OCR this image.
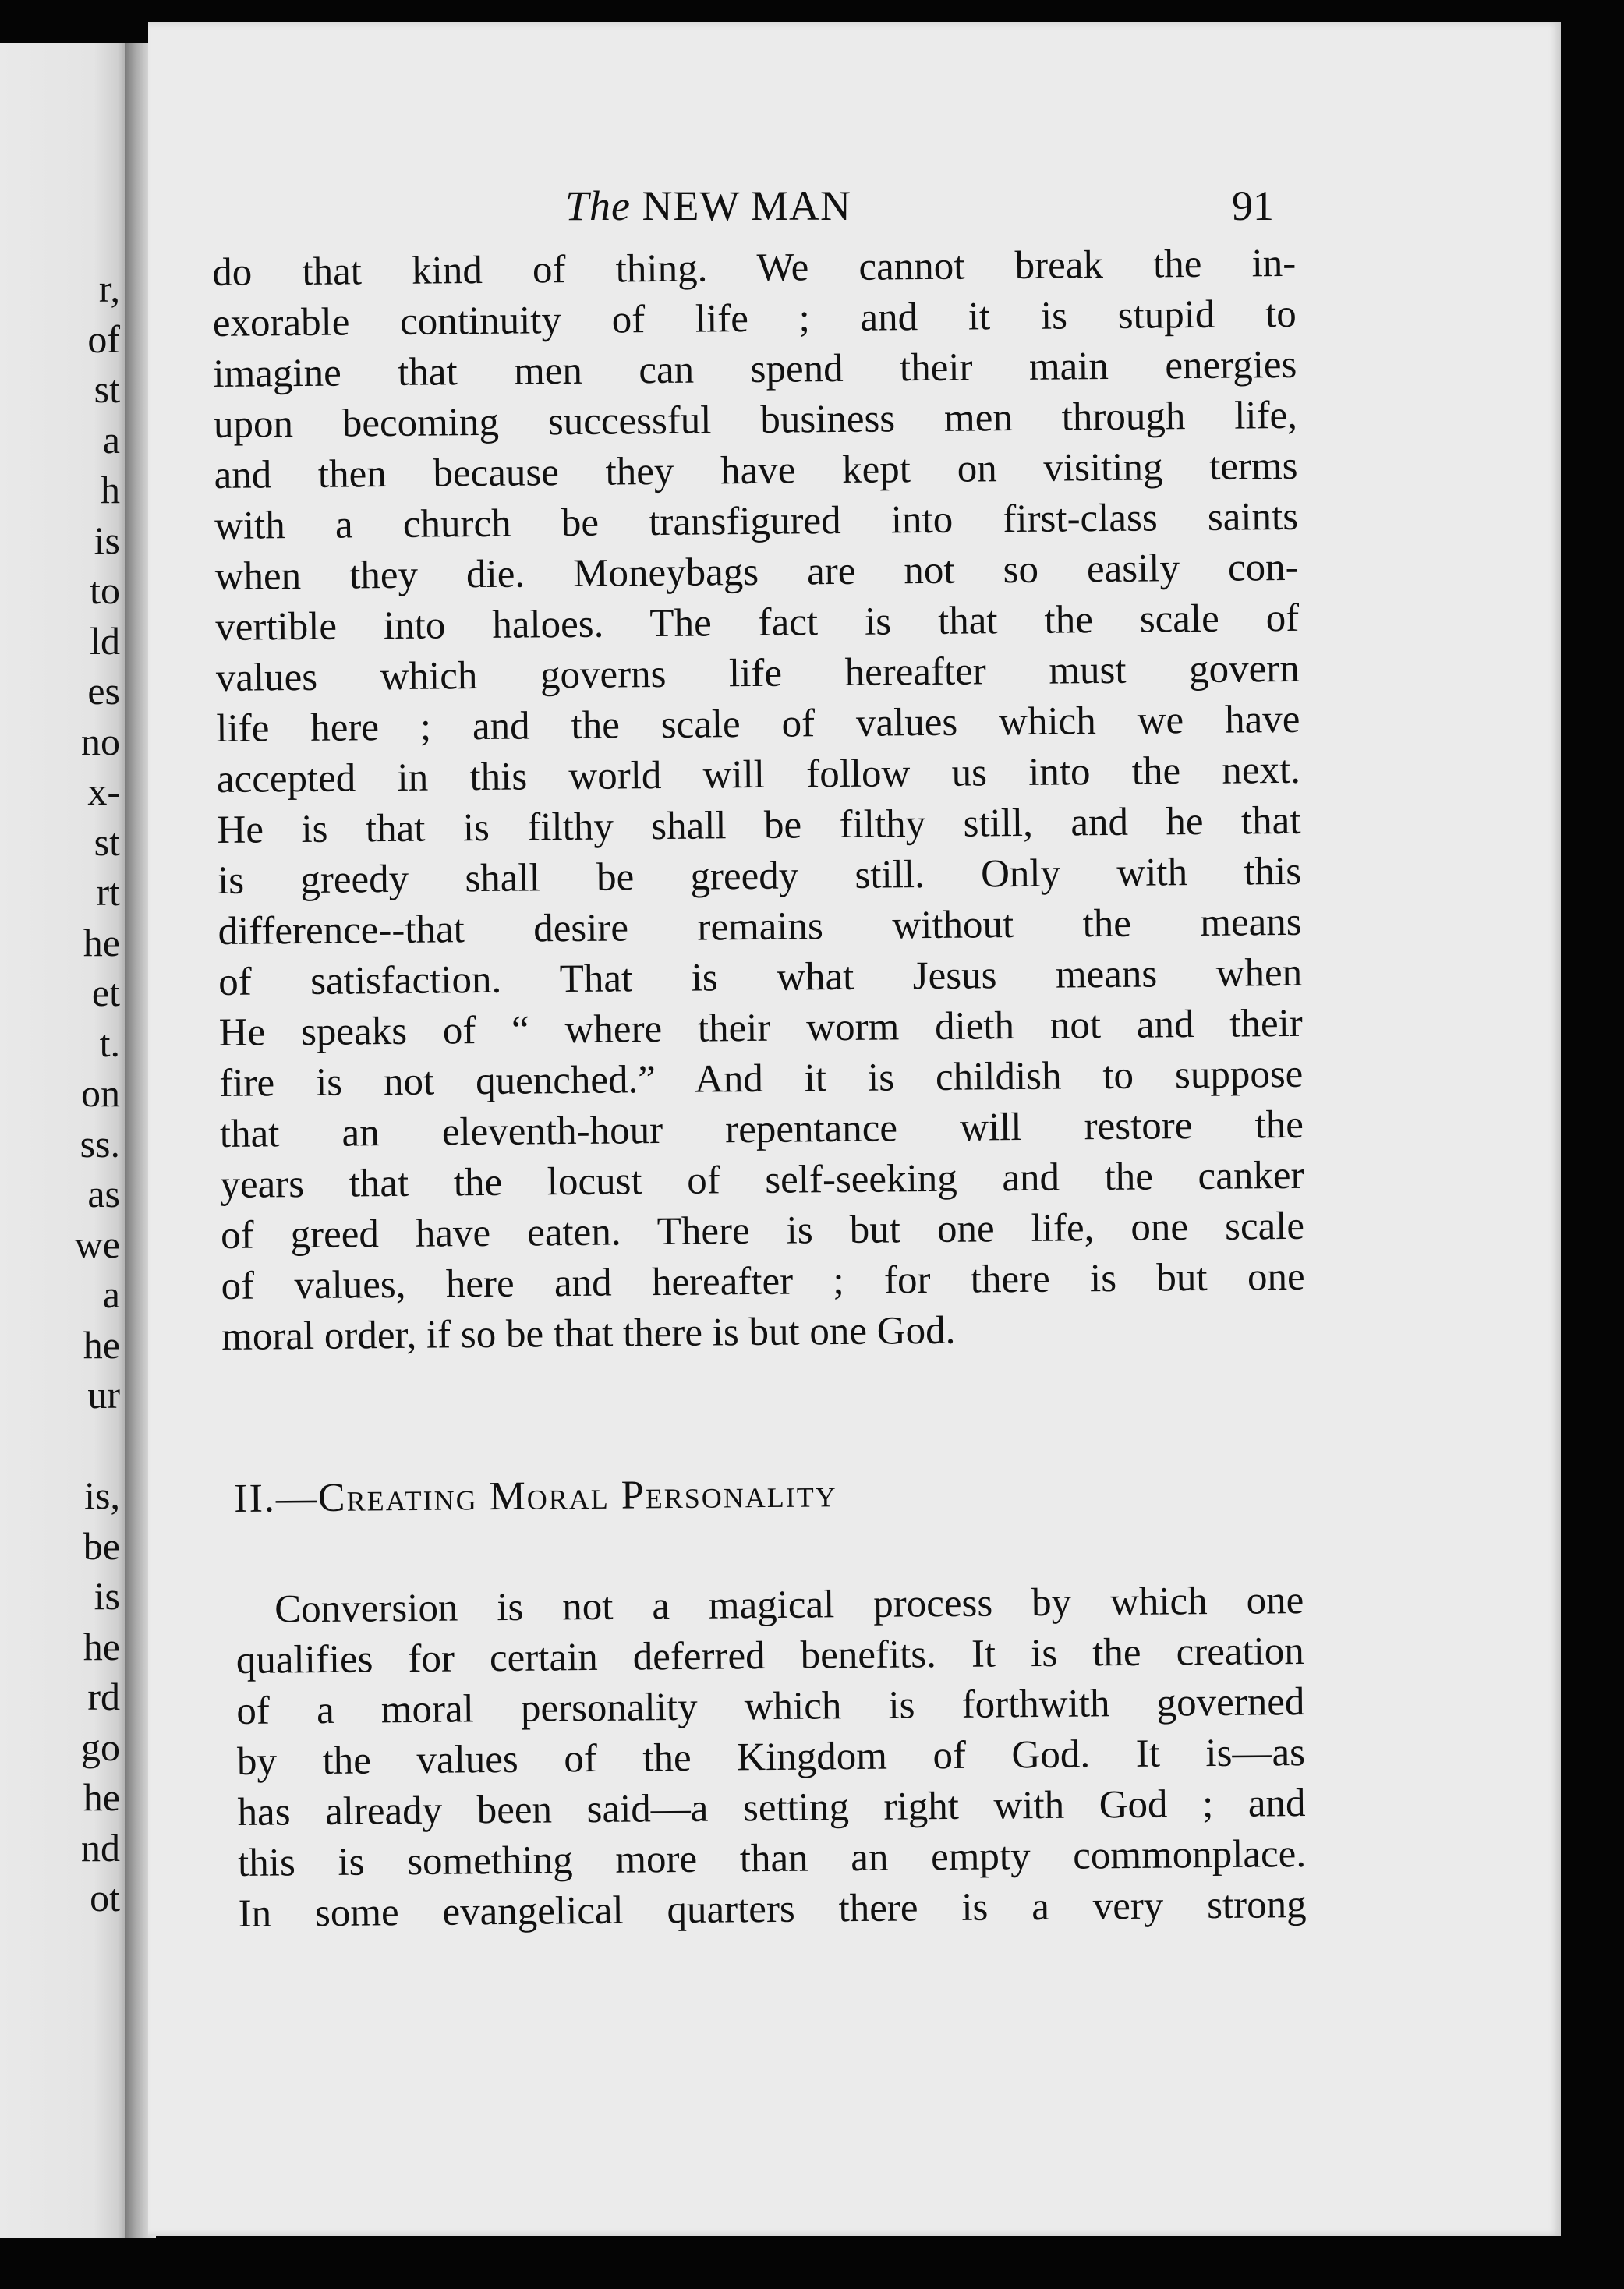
r,
of
st
a
h
is
to
ld
es
no
x-
st
rt
he
et
t.
on
ss.
as
we
a
he
ur
is,
be
is
he
rd
go
he
nd
ot
The NEW MAN	91
do that kind of thing. We cannot break the in-
exorable continuity of life ; and it is stupid to
imagine that men can spend their main energies
upon becoming successful business men through life,
and then because they have kept on visiting terms
with a church be transfigured into first-class saints
when they die. Moneybags are not so easily con-
vertible into haloes. The fact is that the scale of
values which governs life hereafter must govern
life here ; and the scale of values which we have
accepted in this world will follow us into the next.
He is that is filthy shall be filthy still, and he that
is greedy shall be greedy still. Only with this
difference--that desire remains without the means
of satisfaction. That is what Jesus means when
He speaks of “ where their worm dieth not and their
fire is not quenched.” And it is childish to suppose
that an eleventh-hour repentance will restore the
years that the locust of self-seeking and the canker
of greed have eaten. There is but one life, one scale
of values, here and hereafter ; for there is but one
moral order, if so be that there is but one God.
II.—Creating Moral Personality
Conversion is not a magical process by which one
qualifies for certain deferred benefits. It is the creation
of a moral personality which is forthwith governed
by the values of the Kingdom of God. It is—as
has already been said—a setting right with God ; and
this is something more than an empty commonplace.
In some evangelical quarters there is a very strong
